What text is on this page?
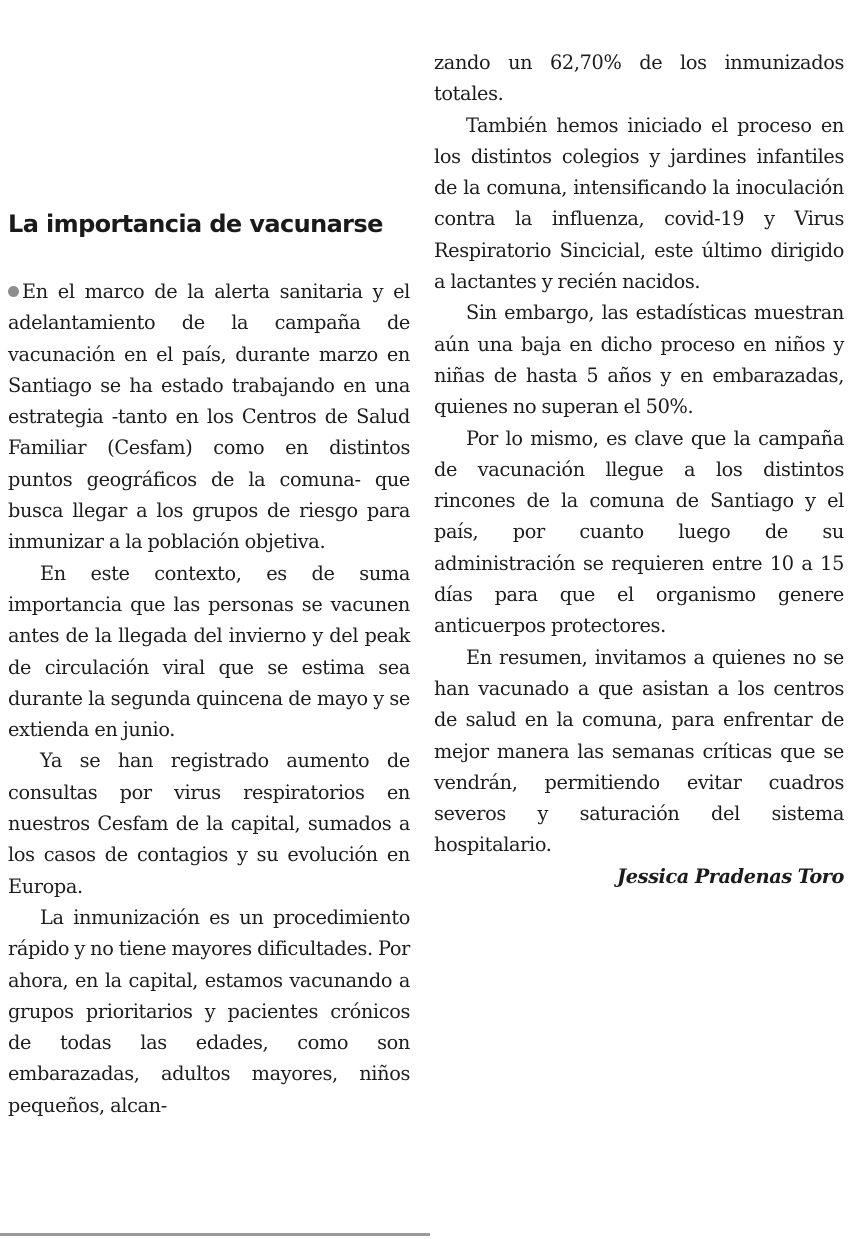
La importancia de vacunarse

En el marco de la alerta sanitaria y el adelantamiento de la campaña de vacunación en el país, durante marzo en Santiago se ha estado trabajando en una estrategia -tanto en los Centros de Salud Familiar (Cesfam) como en distintos puntos geográficos de la comuna- que busca llegar a los grupos de riesgo para inmunizar a la población objetiva.

En este contexto, es de suma importancia que las personas se vacunen antes de la llegada del invierno y del peak de circulación viral que se estima sea durante la segunda quincena de mayo y se extienda en junio.

Ya se han registrado aumento de consultas por virus respiratorios en nuestros Cesfam de la capital, sumados a los casos de contagios y su evolución en Europa.

La inmunización es un procedimiento rápido y no tiene mayores dificultades. Por ahora, en la capital, estamos vacunando a grupos prioritarios y pacientes crónicos de todas las edades, como son embarazadas, adultos mayores, niños pequeños, alcan-

zando un 62,70% de los inmunizados totales.

También hemos iniciado el proceso en los distintos colegios y jardines infantiles de la comuna, intensificando la inoculación contra la influenza, covid-19 y Virus Respiratorio Sincicial, este último dirigido a lactantes y recién nacidos.

Sin embargo, las estadísticas muestran aún una baja en dicho proceso en niños y niñas de hasta 5 años y en embarazadas, quienes no superan el 50%.

Por lo mismo, es clave que la campaña de vacunación llegue a los distintos rincones de la comuna de Santiago y el país, por cuanto luego de su administración se requieren entre 10 a 15 días para que el organismo genere anticuerpos protectores.

En resumen, invitamos a quienes no se han vacunado a que asistan a los centros de salud en la comuna, para enfrentar de mejor manera las semanas críticas que se vendrán, permitiendo evitar cuadros severos y saturación del sistema hospitalario.

Jessica Pradenas Toro
